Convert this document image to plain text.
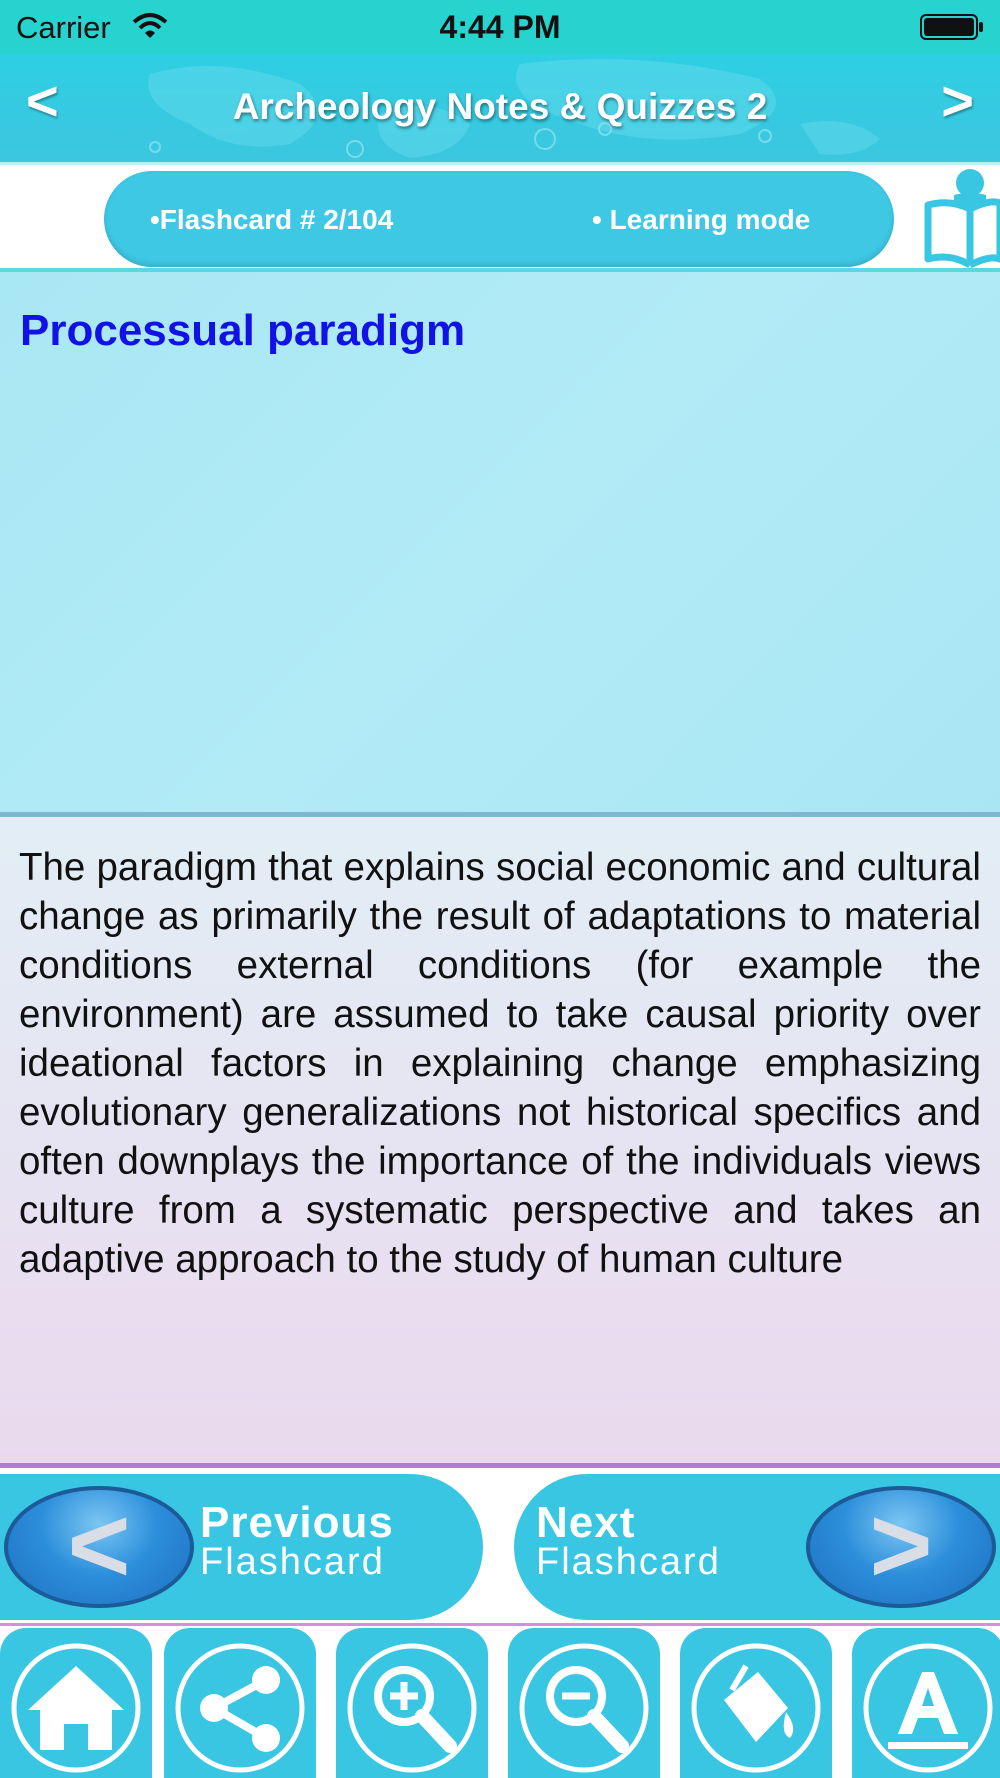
Carrier	4:44 PM
<	Archeology Notes & Quizzes 2	>
•Flashcard # 2/104	• Learning mode
Processual paradigm
The paradigm that explains social economic and cultural change as primarily the result of adaptations to material conditions external conditions (for example the environment) are assumed to take causal priority over ideational factors in explaining change emphasizing evolutionary generalizations not historical specifics and often downplays the importance of the individuals views culture from a systematic perspective and takes an adaptive approach to the study of human culture
<	Previous
Flashcard
Next
Flashcard	>
